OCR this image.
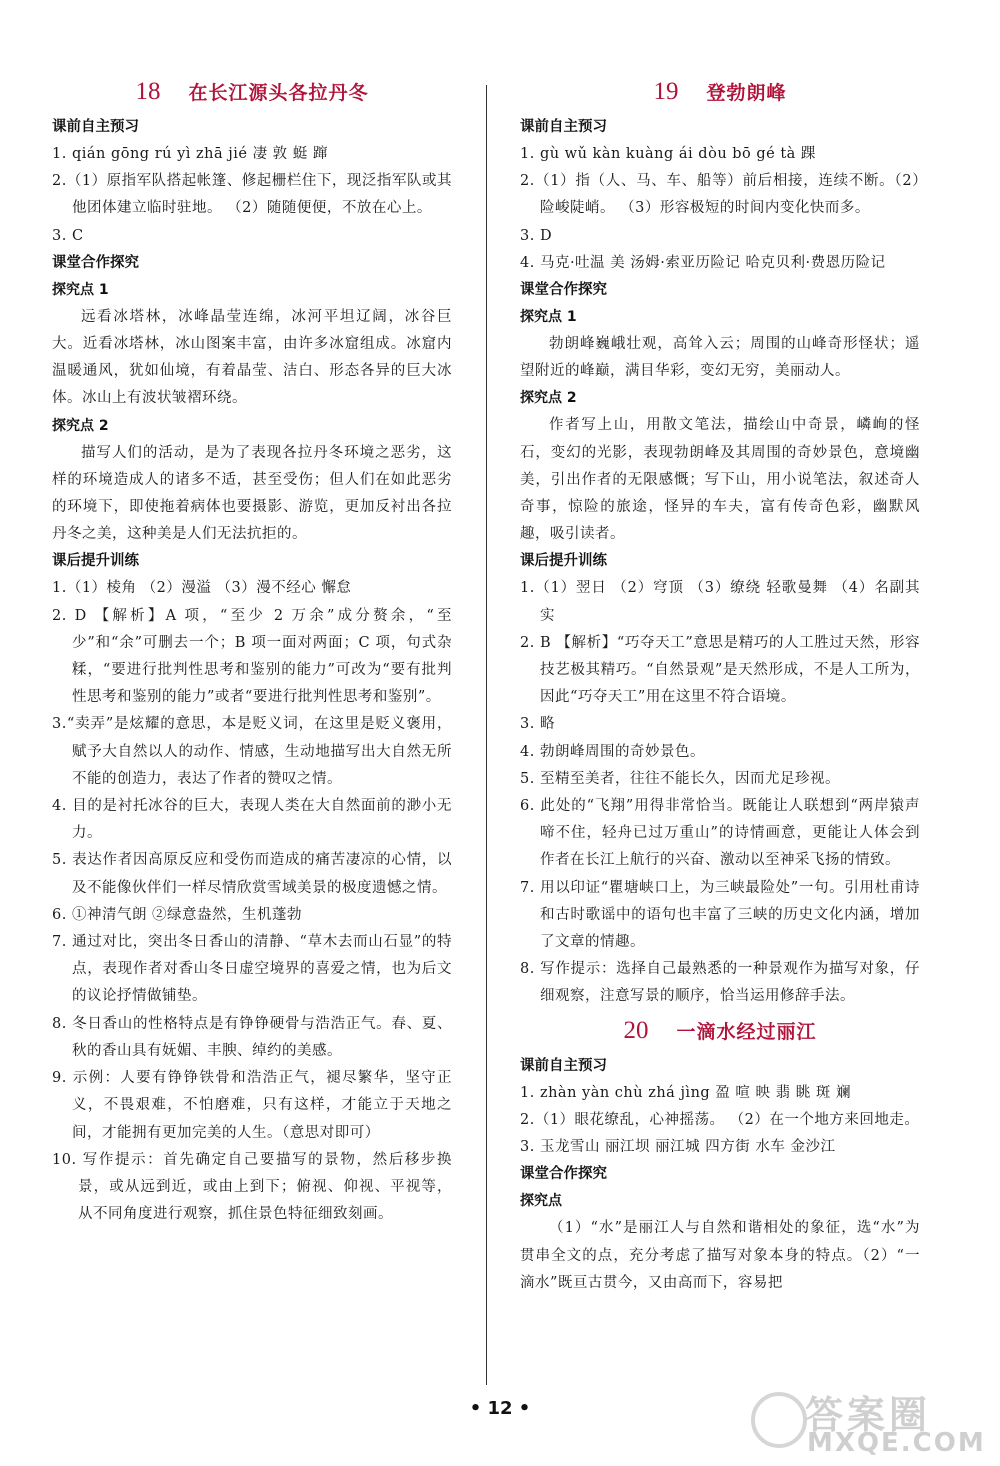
18 在长江源头各拉丹冬
课前自主预习
1. qián gōng rú yì zhā jié 凄 敦 蜓 蹿
2.（1）原指军队搭起帐篷、修起栅栏住下，现泛指军队或其他团体建立临时驻地。 （2）随随便便，不放在心上。
3. C
课堂合作探究
探究点 1
远看冰塔林，冰峰晶莹连绵，冰河平坦辽阔，冰谷巨大。近看冰塔林，冰山图案丰富，由许多冰窟组成。冰窟内温暖通风，犹如仙境，有着晶莹、洁白、形态各异的巨大冰体。冰山上有波状皱褶环绕。
探究点 2
描写人们的活动，是为了表现各拉丹冬环境之恶劣，这样的环境造成人的诸多不适，甚至受伤；但人们在如此恶劣的环境下，即使拖着病体也要摄影、游览，更加反衬出各拉丹冬之美，这种美是人们无法抗拒的。
课后提升训练
1.（1）棱角 （2）漫溢 （3）漫不经心 懈怠
2. D 【解析】A 项，“至少 2 万余”成分赘余，“至少”和“余”可删去一个；B 项一面对两面；C 项，句式杂糅，“要进行批判性思考和鉴别的能力”可改为“要有批判性思考和鉴别的能力”或者“要进行批判性思考和鉴别”。
3.“卖弄”是炫耀的意思，本是贬义词，在这里是贬义褒用，赋予大自然以人的动作、情感，生动地描写出大自然无所不能的创造力，表达了作者的赞叹之情。
4. 目的是衬托冰谷的巨大，表现人类在大自然面前的渺小无力。
5. 表达作者因高原反应和受伤而造成的痛苦凄凉的心情，以及不能像伙伴们一样尽情欣赏雪域美景的极度遗憾之情。
6. ①神清气朗 ②绿意盎然，生机蓬勃
7. 通过对比，突出冬日香山的清静、“草木去而山石显”的特点，表现作者对香山冬日虚空境界的喜爱之情，也为后文的议论抒情做铺垫。
8. 冬日香山的性格特点是有铮铮硬骨与浩浩正气。春、夏、秋的香山具有妩媚、丰腴、绰约的美感。
9. 示例：人要有铮铮铁骨和浩浩正气，褪尽繁华，坚守正义，不畏艰难，不怕磨难，只有这样，才能立于天地之间，才能拥有更加完美的人生。（意思对即可）
10. 写作提示：首先确定自己要描写的景物，然后移步换景，或从远到近，或由上到下；俯视、仰视、平视等，从不同角度进行观察，抓住景色特征细致刻画。
19 登勃朗峰
课前自主预习
1. gù wǔ kàn kuàng ái dòu bō gé tà 踝
2.（1）指（人、马、车、船等）前后相接，连续不断。（2）险峻陡峭。 （3）形容极短的时间内变化快而多。
3. D
4. 马克·吐温 美 汤姆·索亚历险记 哈克贝利·费恩历险记
课堂合作探究
探究点 1
勃朗峰巍峨壮观，高耸入云；周围的山峰奇形怪状；遥望附近的峰巅，满目华彩，变幻无穷，美丽动人。
探究点 2
作者写上山，用散文笔法，描绘山中奇景，嶙峋的怪石，变幻的光影，表现勃朗峰及其周围的奇妙景色，意境幽美，引出作者的无限感慨；写下山，用小说笔法，叙述奇人奇事，惊险的旅途，怪异的车夫，富有传奇色彩，幽默风趣，吸引读者。
课后提升训练
1.（1）翌日 （2）穹顶 （3）缭绕 轻歌曼舞 （4）名副其实
2. B 【解析】“巧夺天工”意思是精巧的人工胜过天然，形容技艺极其精巧。“自然景观”是天然形成，不是人工所为，因此“巧夺天工”用在这里不符合语境。
3. 略
4. 勃朗峰周围的奇妙景色。
5. 至精至美者，往往不能长久，因而尤足珍视。
6. 此处的“飞翔”用得非常恰当。既能让人联想到“两岸猿声啼不住，轻舟已过万重山”的诗情画意，更能让人体会到作者在长江上航行的兴奋、激动以至神采飞扬的情致。
7. 用以印证“瞿塘峡口上，为三峡最险处”一句。引用杜甫诗和古时歌谣中的语句也丰富了三峡的历史文化内涵，增加了文章的情趣。
8. 写作提示：选择自己最熟悉的一种景观作为描写对象，仔细观察，注意写景的顺序，恰当运用修辞手法。
20 一滴水经过丽江
课前自主预习
1. zhàn yàn chù zhá jìng 盈 喧 映 翡 眺 斑 斓
2.（1）眼花缭乱，心神摇荡。 （2）在一个地方来回地走。
3. 玉龙雪山 丽江坝 丽江城 四方街 水车 金沙江
课堂合作探究
探究点
（1）“水”是丽江人与自然和谐相处的象征，选“水”为贯串全文的点，充分考虑了描写对象本身的特点。（2）“一滴水”既亘古贯今，又由高而下，容易把
• 12 •	答案圈
MXQE.COM
